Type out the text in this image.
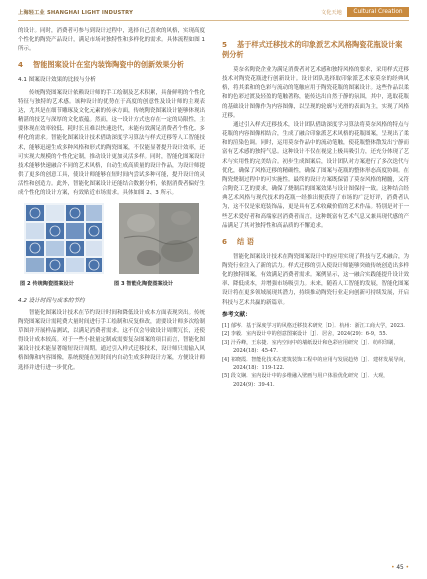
上海轻工业 SHANGHAI LIGHT INDUSTRY	文化天地	Cultural Creation

的设计。同时，消费者可参与到设计过程中，选择自己喜欢的风格，实现高度个性化的陶瓷产品设计，满足市场对独特性和多样化的需求。具体流程如图 1 所示。

4 智能图案设计在室内装饰陶瓷中的创新效果分析
4.1 图案设计效果的比较与分析

传统陶瓷图案设计依赖设计师的手工绘制及艺术积累，具备鲜明的个性化特征与独特的艺术感。该种设计的优势在于高度的创意性及设计师的主观表达，尤其是在细节雕琢及文化元素的传承方面，传统陶瓷图案设计能够体现出精湛的技艺与深厚的文化底蕴。然而，这一设计方式也存在一定的局限性，主要体现在效率较低、耗时长且难以快速迭代，未能有效满足消费者个性化、多样化的需求。智能化图案设计技术借助深度学习算法与样式迁移等人工智能技术，能够迅速生成多种风格和形式的陶瓷图案，不仅能显著提升设计效率，还可实现大规模的个性化定制，推动设计更加灵活多样。同时，智能化图案设计技术能够快速融合不同的艺术风格，自动生成高质量的设计作品，为设计师提供了更多的创意工具，使设计师能够在短时间内尝试多种可能，提升设计的灵活性和创造力。此外，智能化图案设计还能结合数据分析，依据消费者偏好生成个性化的设计方案，有效贴近市场需求。具体如图 2、3 所示。

图 2 传统陶瓷图案设计	图 3 智能化陶瓷图案设计
4.2 设计时间与成本的节约

智能化图案设计技术在节约设计时间和降低设计成本方面表现突出。传统陶瓷图案设计需耗费大量时间进行手工绘制和反复修改，需要设计师多次绘制草图并开展样品测试，以满足消费者需求。这不仅会导致设计周期冗长，还使得设计成本较高。对于一些小批量定制或需要复杂图案的项目而言，智能化图案设计技术能显著缩短设计周期。通过引入样式迁移技术，设计师只需输入风格图像和内容图像，系统便能在短时间内自动生成多种设计方案，方便设计师选择并进行进一步优化。

5 基于样式迁移技术的印象派艺术风格陶瓷花瓶设计案例分析

莫奈名陶瓷企业为满足消费者对艺术感和独特风格的要求，采用样式迁移技术对陶瓷花瓶进行创新设计。设计团队选择取印象派艺术家莫奈的经典风格，将其柔和的色彩与流动的笔触应用于陶瓷花瓶的图案设计。这些作品以柔和的色彩过渡及轻盈的笔触著称，能传达出自然于静的氛围，其中，选取花瓶的基础设计图像作为内容图像，以呈现的轮廓与光滑的表面为主，实现了风格迁移。

通过引入样式迁移技术，设计团队借助深度学习算法将莫奈风格的特点与花瓶的内容图像相结合，生成了融合印象派艺术风格的花瓶图案，呈现出了柔和的渲染色调。同时，运用莫奈作品中的流动笔触，使花瓶整体散发出宁静而富有艺术感的独特气息。这种设计不仅在视觉上极具吸引力，还充分体现了艺术与实用性的完美结合。初步生成图案后，设计团队对方案进行了多次迭代与优化，确保了风格迁移的精确性，确保了图案与花瓶的整体形态高度协调。在陶瓷烧制过程中的可实施性。最终的设计方案既保留了莫奈风格的精髓，又符合陶瓷工艺的要求，确保了烧制后的图案效果与设计图保持一致。这种结合经典艺术风格与现代技术的花瓶一经推出便获得了市场的广泛好评，消费者认为，这不仅是家庭装饰品，更是具有艺术收藏价值的艺术作品。特别是对于一些艺术爱好者和高端家居消费者而言，这种既富有艺术气息又兼具现代感的产品满足了其对独特性和高品质的不懈追求。

6 结 语

智能化图案设计技术在陶瓷图案设计中的应用实现了科技与艺术融合，为陶瓷行业注入了新的活力。样式迁移的引入使设计师能够突破传统创造出多样化的独特图案，有效满足消费者需求。案例显示，这一融合实践能提升设计效率、降低成本，并增强市场吸引力。未来，随着人工智能的发展，智能化图案设计将在更多领域展现其潜力，持续推动陶瓷行业走向创新可持续发展，开启科技与艺术共赢的新篇章。

参考文献：
[1] 郁岑．基于深度学习的风格迁移技术研究［D］．杭州：浙江工商大学，2023.
[2] 李毅．室内设计中的创意图案设计［J］．居舍，2024(29)：6-9，55.
[3] 汁乔峰，王东捷．室内空间中的墙纸设计和色彩应用研究［J］．纺织印刷，2024(18)：45-47.
[4] 祁晓霞．智能化技术在建筑装饰工程中的应用与发展趋势［J］．建材发展导向，2024(18)：119-122.
[5] 段文娴．室内设计中的多维融入壁画与用户体验优化研究［J］．大观，2024(9)：39-41.
• 45 •
